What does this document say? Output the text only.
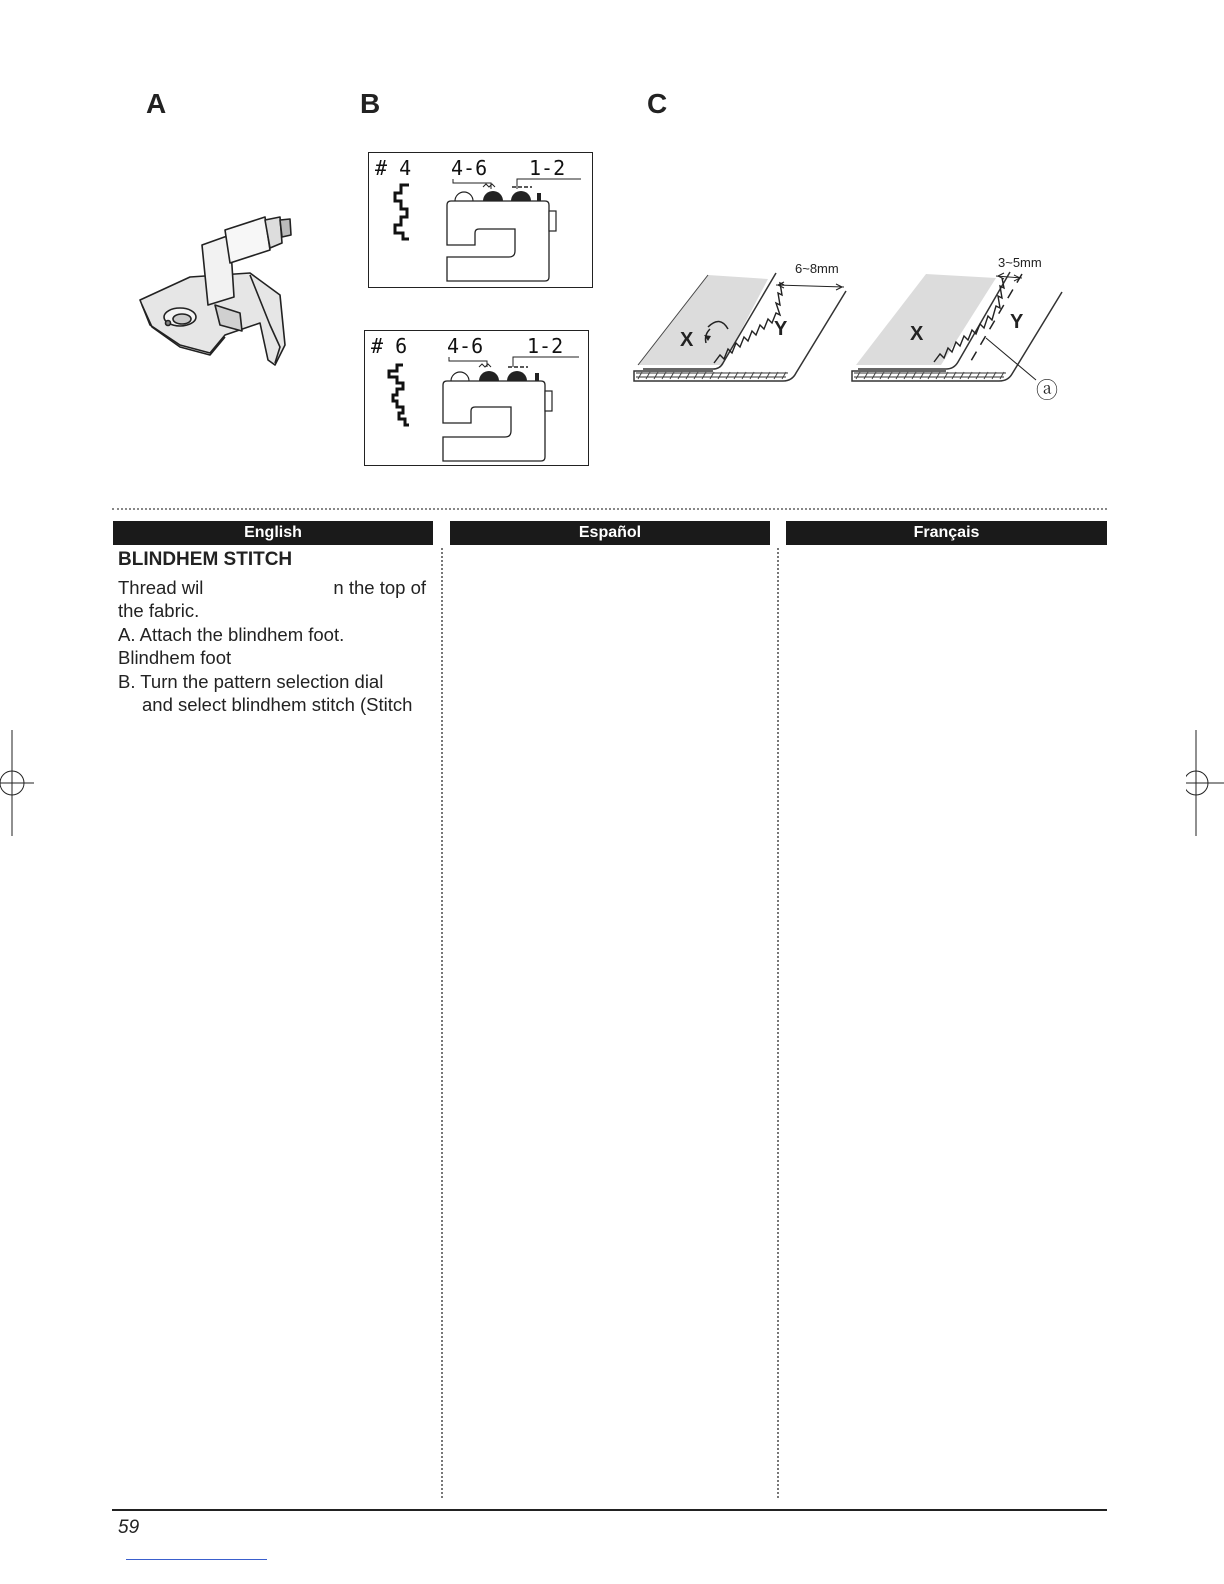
A	B	C
# 4 4-6 1-2
# 6 4-6 1-2
6~8mm
X	Y
3~5mm
X
Y
ⓐ
English	Español	Français

BLINDHEM STITCH

Thread wil	n the top of

the fabric.

A. Attach the blindhem foot.

Blindhem foot

B. Turn the pattern selection dial

and select blindhem stitch (Stitch

59
